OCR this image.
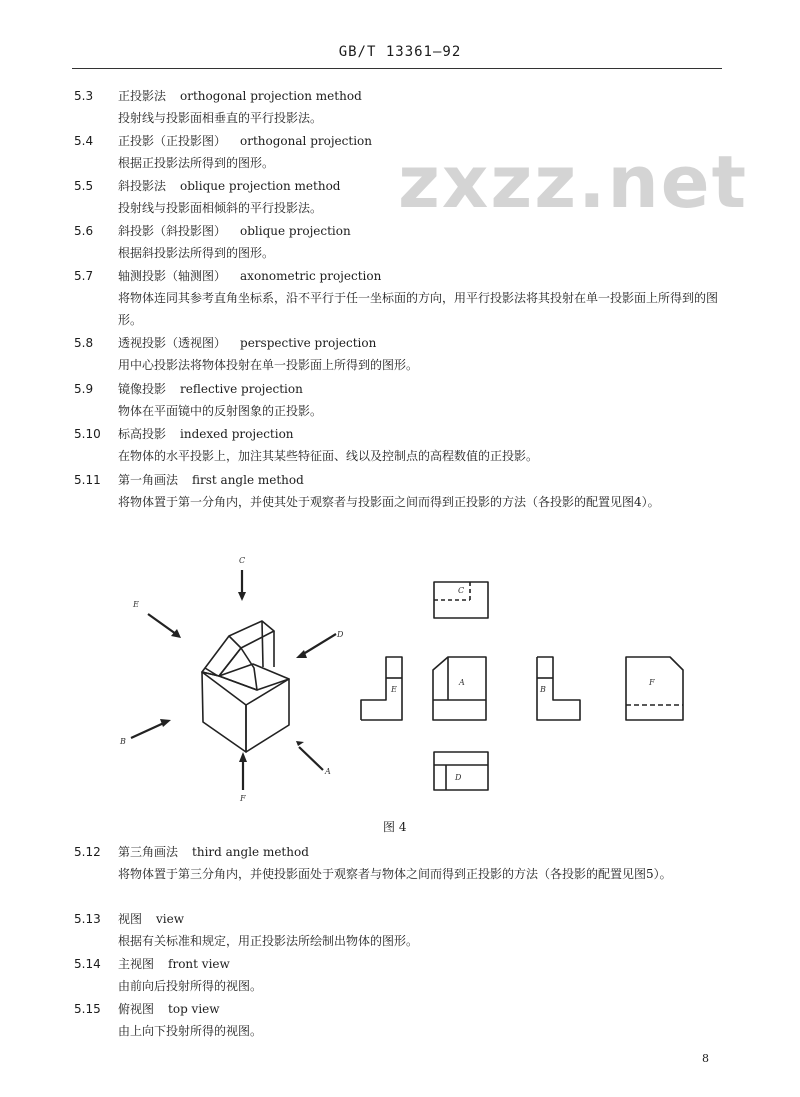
GB/T 13361—92
zxzz.net
5.3	正投影法 orthogonal projection method
投射线与投影面相垂直的平行投影法。
5.4	正投影（正投影图） orthogonal projection
根据正投影法所得到的图形。
5.5	斜投影法 oblique projection method
投射线与投影面相倾斜的平行投影法。
5.6	斜投影（斜投影图） oblique projection
根据斜投影法所得到的图形。
5.7	轴测投影（轴测图） axonometric projection
将物体连同其参考直角坐标系，沿不平行于任一坐标面的方向，用平行投影法将其投射在单一投影面上所得到的图形。
5.8	透视投影（透视图） perspective projection
用中心投影法将物体投射在单一投影面上所得到的图形。
5.9	镜像投影 reflective projection
物体在平面镜中的反射图象的正投影。
5.10	标高投影 indexed projection
在物体的水平投影上，加注其某些特征面、线以及控制点的高程数值的正投影。
5.11	第一角画法 first angle method
将物体置于第一分角内，并使其处于观察者与投影面之间而得到正投影的方法（各投影的配置见图4）。
C
E
D
B
A
F
C
E
A
B
F
D
图 4
5.12	第三角画法 third angle method
将物体置于第三分角内，并使投影面处于观察者与物体之间而得到正投影的方法（各投影的配置见图5）。
5.13	视图 view
根据有关标准和规定，用正投影法所绘制出物体的图形。
5.14	主视图 front view
由前向后投射所得的视图。
5.15	俯视图 top view
由上向下投射所得的视图。
8
